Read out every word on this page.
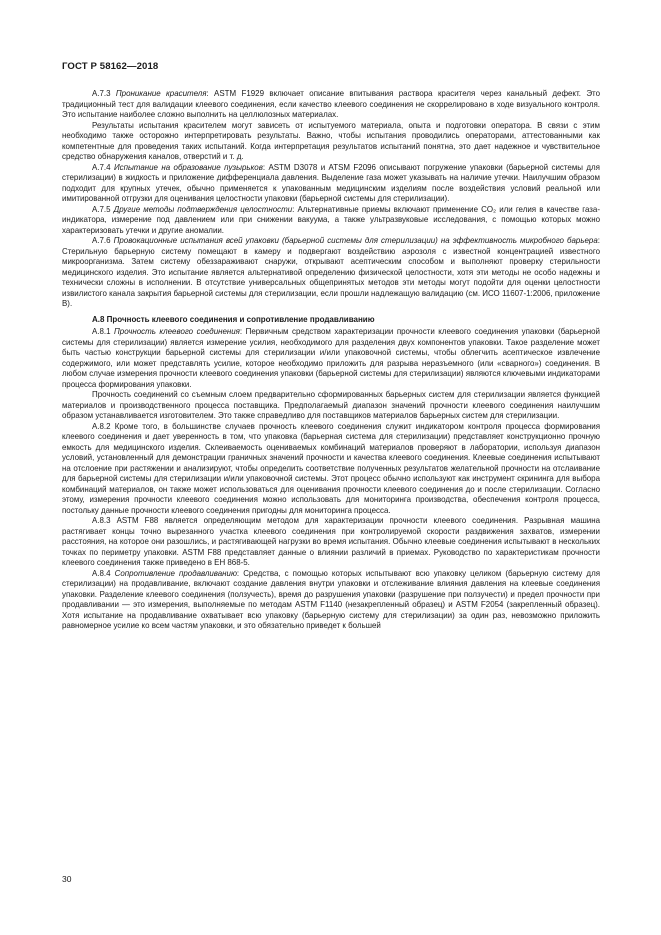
ГОСТ Р 58162—2018

А.7.3 Проникание красителя: ASTM F1929 включает описание впитывания раствора красителя через канальный дефект. Это традиционный тест для валидации клеевого соединения, если качество клеевого соединения не скоррелировано в ходе визуального контроля. Это испытание наиболее сложно выполнить на целлюлозных материалах.

Результаты испытания красителем могут зависеть от испытуемого материала, опыта и подготовки оператора. В связи с этим необходимо также осторожно интерпретировать результаты. Важно, чтобы испытания проводились операторами, аттестованными как компетентные для проведения таких испытаний. Когда интерпретация результатов испытаний понятна, это дает надежное и чувствительное средство обнаружения каналов, отверстий и т. д.

А.7.4 Испытание на образование пузырьков: ASTM D3078 и ATSM F2096 описывают погружение упаковки (барьерной системы для стерилизации) в жидкость и приложение дифференциала давления. Выделение газа может указывать на наличие утечки. Наилучшим образом подходит для крупных утечек, обычно применяется к упакованным медицинским изделиям после воздействия условий реальной или имитированной отгрузки для оценивания целостности упаковки (барьерной системы для стерилизации).

А.7.5 Другие методы подтверждения целостности: Альтернативные приемы включают применение CO₂ или гелия в качестве газа-индикатора, измерение под давлением или при снижении вакуума, а также ультразвуковые исследования, с помощью которых можно характеризовать утечки и другие аномалии.

А.7.6 Провокационные испытания всей упаковки (барьерной системы для стерилизации) на эффективность микробного барьера: Стерильную барьерную систему помещают в камеру и подвергают воздействию аэрозоля с известной концентрацией известного микроорганизма. Затем систему обеззараживают снаружи, открывают асептическим способом и выполняют проверку стерильности медицинского изделия. Это испытание является альтернативой определению физической целостности, хотя эти методы не особо надежны и технически сложны в исполнении. В отсутствие универсальных общепринятых методов эти методы могут подойти для оценки целостности извилистого канала закрытия барьерной системы для стерилизации, если прошли надлежащую валидацию (см. ИСО 11607-1:2006, приложение В).

А.8 Прочность клеевого соединения и сопротивление продавливанию

А.8.1 Прочность клеевого соединения: Первичным средством характеризации прочности клеевого соединения упаковки (барьерной системы для стерилизации) является измерение усилия, необходимого для разделения двух компонентов упаковки. Такое разделение может быть частью конструкции барьерной системы для стерилизации и/или упаковочной системы, чтобы облегчить асептическое извлечение содержимого, или может представлять усилие, которое необходимо приложить для разрыва неразъемного (или «сварного») соединения. В любом случае измерения прочности клеевого соединения упаковки (барьерной системы для стерилизации) являются ключевыми индикаторами процесса формирования упаковки.

Прочность соединений со съемным слоем предварительно сформированных барьерных систем для стерилизации является функцией материалов и производственного процесса поставщика. Предполагаемый диапазон значений прочности клеевого соединения наилучшим образом устанавливается изготовителем. Это также справедливо для поставщиков материалов барьерных систем для стерилизации.

А.8.2 Кроме того, в большинстве случаев прочность клеевого соединения служит индикатором контроля процесса формирования клеевого соединения и дает уверенность в том, что упаковка (барьерная система для стерилизации) представляет конструкционно прочную емкость для медицинского изделия. Склеиваемость оцениваемых комбинаций материалов проверяют в лаборатории, используя диапазон условий, установленный для демонстрации граничных значений прочности и качества клеевого соединения. Клеевые соединения испытывают на отслоение при растяжении и анализируют, чтобы определить соответствие полученных результатов желательной прочности на отслаивание для барьерной системы для стерилизации и/или упаковочной системы. Этот процесс обычно используют как инструмент скрининга для выбора комбинаций материалов, он также может использоваться для оценивания прочности клеевого соединения до и после стерилизации. Согласно этому, измерения прочности клеевого соединения можно использовать для мониторинга производства, обеспечения контроля процесса, постольку данные прочности клеевого соединения пригодны для мониторинга процесса.

А.8.3 ASTM F88 является определяющим методом для характеризации прочности клеевого соединения. Разрывная машина растягивает концы точно вырезанного участка клеевого соединения при контролируемой скорости раздвижения захватов, измерении расстояния, на которое они разошлись, и растягивающей нагрузки во время испытания. Обычно клеевые соединения испытывают в нескольких точках по периметру упаковки. ASTM F88 представляет данные о влиянии различий в приемах. Руководство по характеристикам прочности клеевого соединения также приведено в ЕН 868-5.

А.8.4 Сопротивление продавливанию: Средства, с помощью которых испытывают всю упаковку целиком (барьерную систему для стерилизации) на продавливание, включают создание давления внутри упаковки и отслеживание влияния давления на клеевые соединения упаковки. Разделение клеевого соединения (ползучесть), время до разрушения упаковки (разрушение при ползучести) и предел прочности при продавливании — это измерения, выполняемые по методам ASTM F1140 (незакрепленный образец) и ASTM F2054 (закрепленный образец). Хотя испытание на продавливание охватывает всю упаковку (барьерную систему для стерилизации) за один раз, невозможно приложить равномерное усилие ко всем частям упаковки, и это обязательно приведет к большей

30
